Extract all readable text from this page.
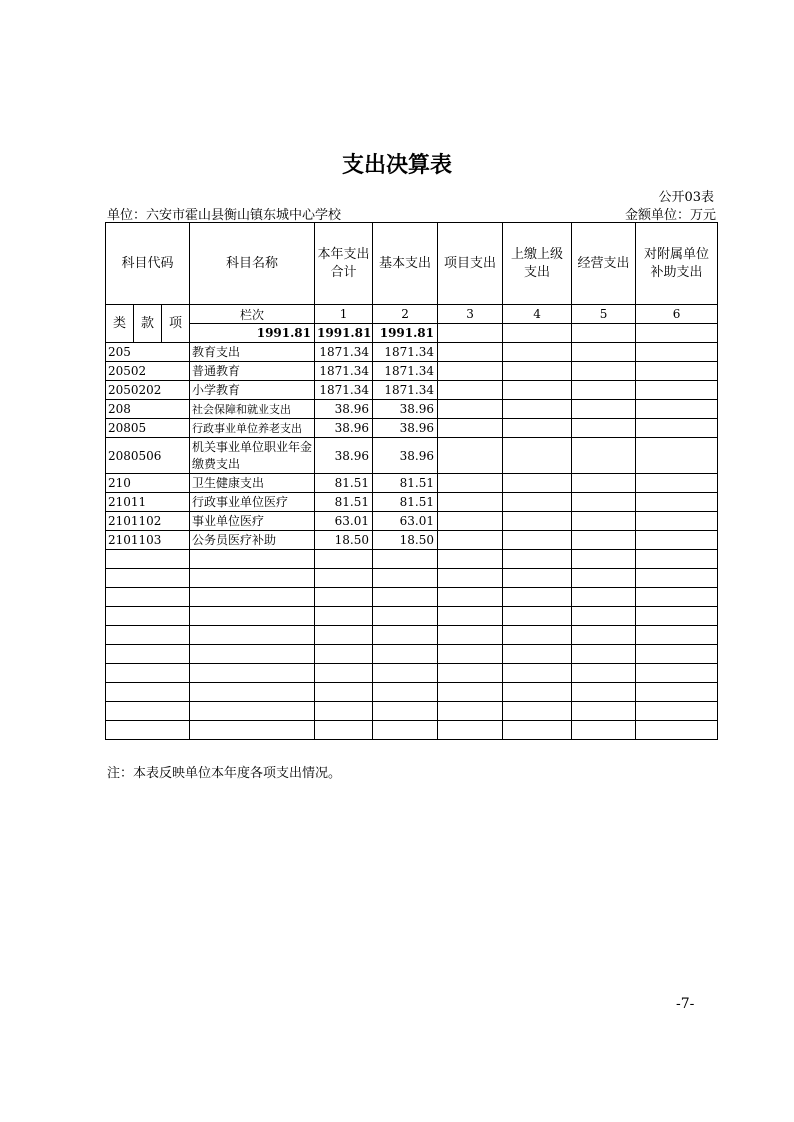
支出决算表
公开03表
单位：六安市霍山县衡山镇东城中心学校	金额单位：万元
科目代码			科目名称	本年支出合计	基本支出	项目支出	上缴上级支出	经营支出	对附属单位补助支出
类	款	项	栏次	1	2	3	4	5	6
			1991.81	1991.81	1991.81				
205			教育支出	1871.34	1871.34				
20502			普通教育	1871.34	1871.34				
2050202			小学教育	1871.34	1871.34				
208			社会保障和就业支出	38.96	38.96				
20805			行政事业单位养老支出	38.96	38.96				
2080506			机关事业单位职业年金缴费支出	38.96	38.96				
210			卫生健康支出	81.51	81.51				
21011			行政事业单位医疗	81.51	81.51				
2101102			事业单位医疗	63.01	63.01				
2101103			公务员医疗补助	18.50	18.50				

注：本表反映单位本年度各项支出情况。
-7-
